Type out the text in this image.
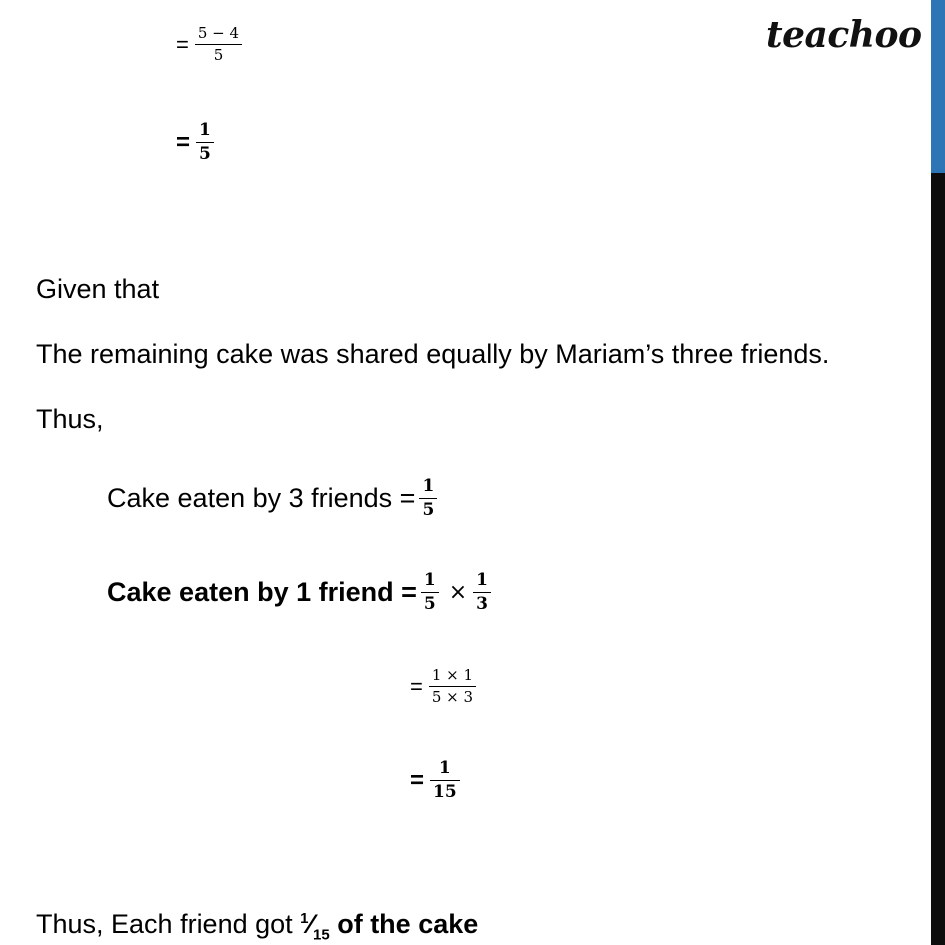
teachoo
= $\frac{5 - 4}{5}$
= $\frac{1}{5}$
Given that
The remaining cake was shared equally by Mariam’s three friends.
Thus,
Cake eaten by 3 friends = $\frac{1}{5}$
Cake eaten by 1 friend = $\frac{1}{5} \times \frac{1}{3}$
= $\frac{1 \times 1}{5 \times 3}$
= $\frac{1}{15}$
Thus, Each friend got $^1⁄_{15}$ of the cake
